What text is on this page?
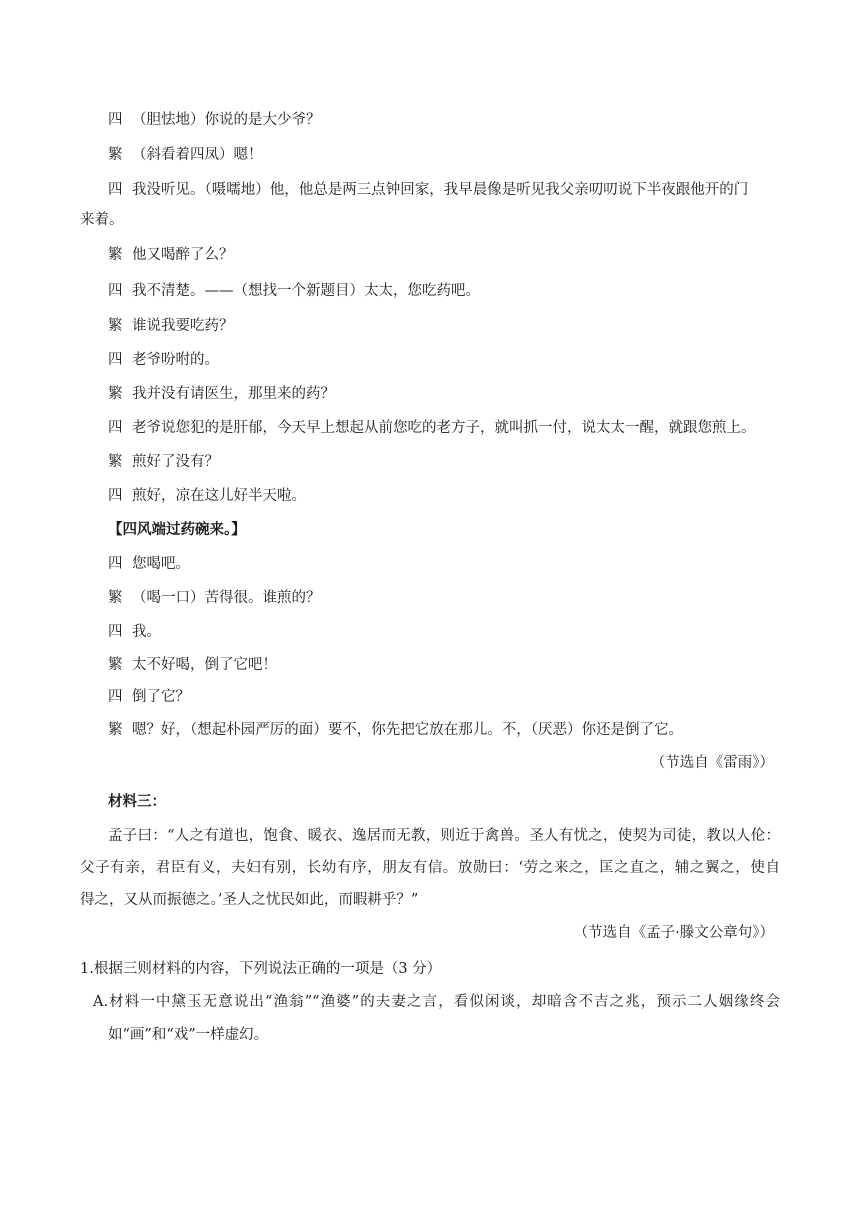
四 （胆怯地）你说的是大少爷？
繁 （斜看着四凤）嗯！
四 我没听见。（嗫嚅地）他，他总是两三点钟回家，我早晨像是听见我父亲叨叨说下半夜跟他开的门
来着。
繁 他又喝醉了么？
四 我不清楚。——（想找一个新题目）太太，您吃药吧。
繁 谁说我要吃药？
四 老爷吩咐的。
繁 我并没有请医生，那里来的药？
四 老爷说您犯的是肝郁，今天早上想起从前您吃的老方子，就叫抓一付，说太太一醒，就跟您煎上。
繁 煎好了没有？
四 煎好，凉在这儿好半天啦。
【四风端过药碗来。】
四 您喝吧。
繁 （喝一口）苦得很。谁煎的？
四 我。
繁 太不好喝，倒了它吧！
四 倒了它？
繁 嗯？好，（想起朴园严厉的面）要不，你先把它放在那儿。不，（厌恶）你还是倒了它。
（节选自《雷雨》）
材料三：
孟子曰：“人之有道也，饱食、暖衣、逸居而无教，则近于禽兽。圣人有忧之，使契为司徒，教以人伦：
父子有亲，君臣有义，夫妇有别，长幼有序，朋友有信。放勋曰：‘劳之来之，匡之直之，辅之翼之，使自
得之，又从而振德之。’圣人之忧民如此，而暇耕乎？”
（节选自《孟子·滕文公章句》）
1.根据三则材料的内容，下列说法正确的一项是（3 分）
A.材料一中黛玉无意说出“渔翁”“渔婆”的夫妻之言，看似闲谈，却暗含不吉之兆，预示二人姻缘终会
如“画”和“戏”一样虚幻。
